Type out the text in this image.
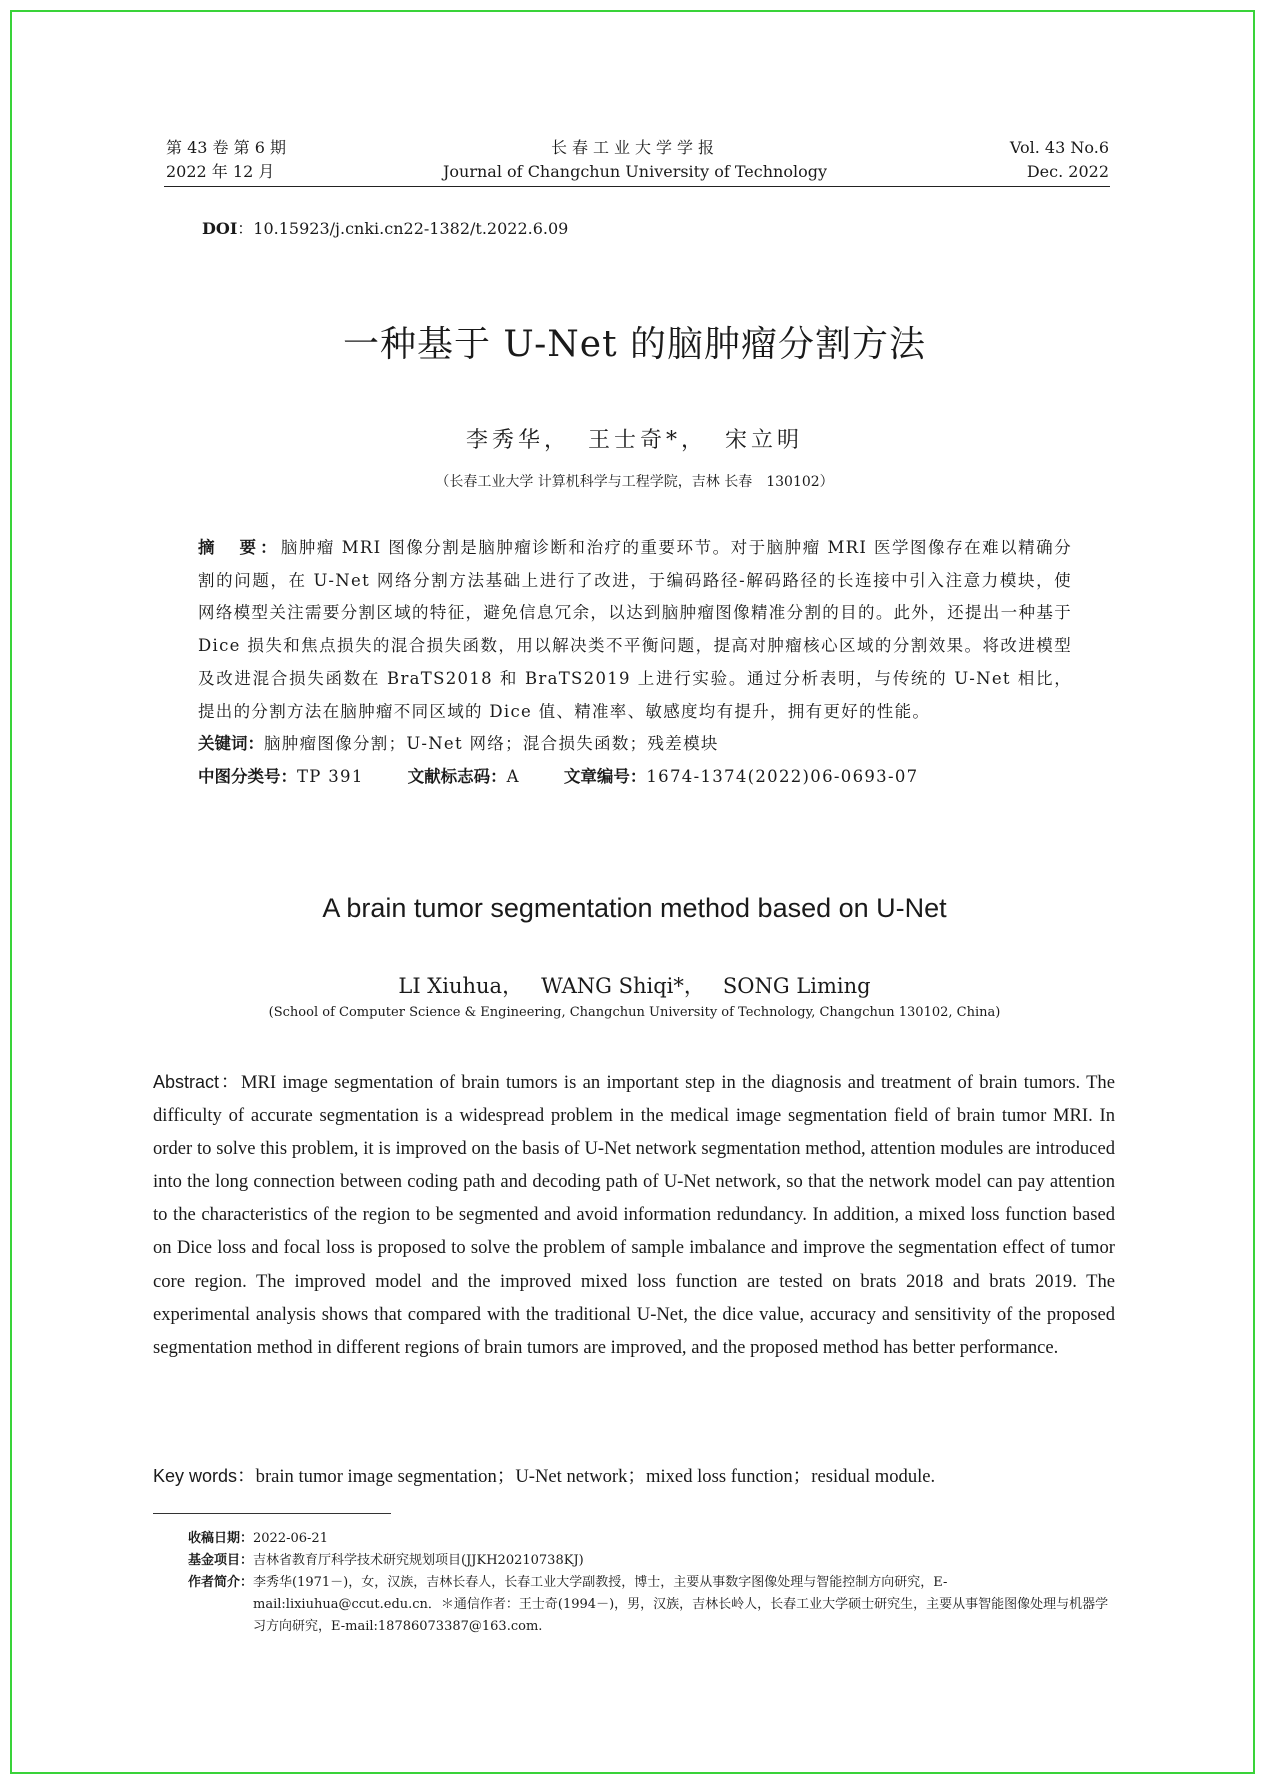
第 43 卷 第 6 期
2022 年 12 月
长春工业大学学报
Journal of Changchun University of Technology
Vol. 43 No.6
Dec. 2022
DOI：10.15923/j.cnki.cn22-1382/t.2022.6.09
一种基于 U-Net 的脑肿瘤分割方法
李秀华， 王士奇*， 宋立明
（长春工业大学 计算机科学与工程学院，吉林 长春　130102）
摘　要：脑肿瘤 MRI 图像分割是脑肿瘤诊断和治疗的重要环节。对于脑肿瘤 MRI 医学图像存在难以精确分割的问题，在 U-Net 网络分割方法基础上进行了改进，于编码路径-解码路径的长连接中引入注意力模块，使网络模型关注需要分割区域的特征，避免信息冗余，以达到脑肿瘤图像精准分割的目的。此外，还提出一种基于 Dice 损失和焦点损失的混合损失函数，用以解决类不平衡问题，提高对肿瘤核心区域的分割效果。将改进模型及改进混合损失函数在 BraTS2018 和 BraTS2019 上进行实验。通过分析表明，与传统的 U-Net 相比，提出的分割方法在脑肿瘤不同区域的 Dice 值、精准率、敏感度均有提升，拥有更好的性能。
关键词：脑肿瘤图像分割；U-Net 网络；混合损失函数；残差模块
中图分类号：TP 391	文献标志码：A	文章编号：1674-1374(2022)06-0693-07
A brain tumor segmentation method based on U-Net
LI Xiuhua， WANG Shiqi*， SONG Liming
(School of Computer Science & Engineering, Changchun University of Technology, Changchun 130102, China)
Abstract：MRI image segmentation of brain tumors is an important step in the diagnosis and treatment of brain tumors. The difficulty of accurate segmentation is a widespread problem in the medical image segmentation field of brain tumor MRI. In order to solve this problem, it is improved on the basis of U-Net network segmentation method, attention modules are introduced into the long connection between coding path and decoding path of U-Net network, so that the network model can pay attention to the characteristics of the region to be segmented and avoid information redundancy. In addition, a mixed loss function based on Dice loss and focal loss is proposed to solve the problem of sample imbalance and improve the segmentation effect of tumor core region. The improved model and the improved mixed loss function are tested on brats 2018 and brats 2019. The experimental analysis shows that compared with the traditional U-Net, the dice value, accuracy and sensitivity of the proposed segmentation method in different regions of brain tumors are improved, and the proposed method has better performance.
Key words：brain tumor image segmentation；U-Net network；mixed loss function；residual module.
收稿日期： 2022-06-21
基金项目： 吉林省教育厅科学技术研究规划项目(JJKH20210738KJ)
作者简介： 李秀华(1971－)，女，汉族，吉林长春人，长春工业大学副教授，博士，主要从事数字图像处理与智能控制方向研究，E-mail:lixiuhua@ccut.edu.cn．＊通信作者：王士奇(1994－)，男，汉族，吉林长岭人，长春工业大学硕士研究生，主要从事智能图像处理与机器学习方向研究，E-mail:18786073387@163.com.
